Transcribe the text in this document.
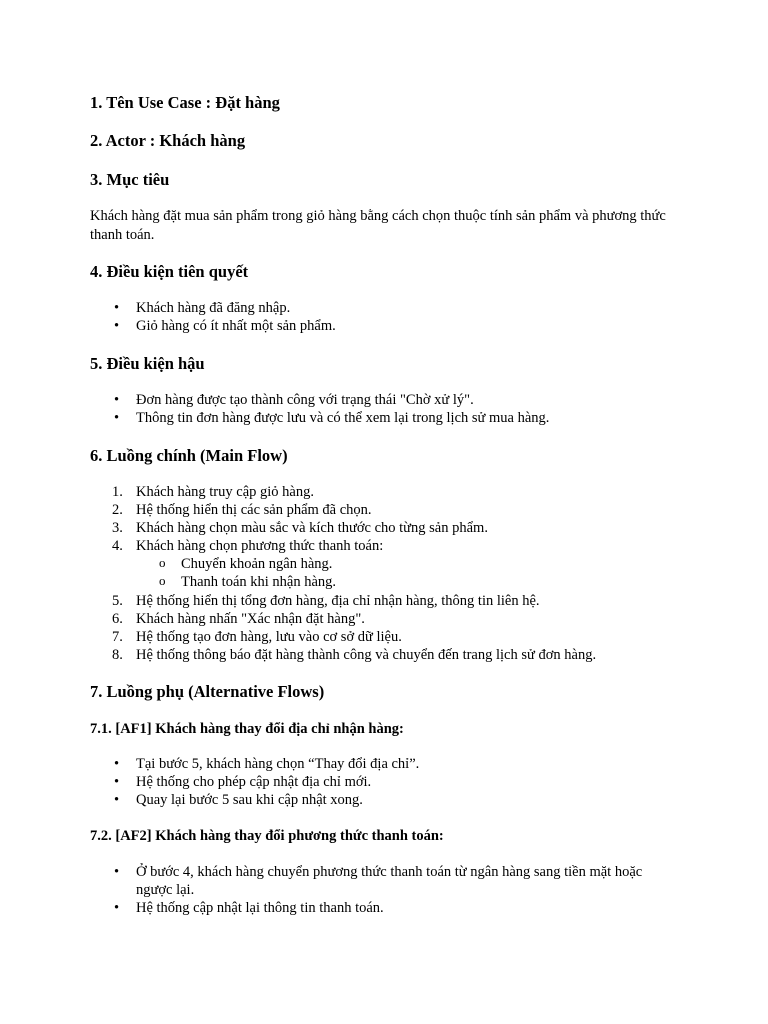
1. Tên Use Case : Đặt hàng
2. Actor : Khách hàng
3. Mục tiêu

Khách hàng đặt mua sản phẩm trong giỏ hàng bằng cách chọn thuộc tính sản phẩm và phương thức thanh toán.

4. Điều kiện tiên quyết
• Khách hàng đã đăng nhập.
• Giỏ hàng có ít nhất một sản phẩm.
5. Điều kiện hậu
• Đơn hàng được tạo thành công với trạng thái "Chờ xử lý".
• Thông tin đơn hàng được lưu và có thể xem lại trong lịch sử mua hàng.
6. Luồng chính (Main Flow)
1. Khách hàng truy cập giỏ hàng.
2. Hệ thống hiển thị các sản phẩm đã chọn.
3. Khách hàng chọn màu sắc và kích thước cho từng sản phẩm.
4. Khách hàng chọn phương thức thanh toán:
o Chuyển khoản ngân hàng.
o Thanh toán khi nhận hàng.
5. Hệ thống hiển thị tổng đơn hàng, địa chỉ nhận hàng, thông tin liên hệ.
6. Khách hàng nhấn "Xác nhận đặt hàng".
7. Hệ thống tạo đơn hàng, lưu vào cơ sở dữ liệu.
8. Hệ thống thông báo đặt hàng thành công và chuyển đến trang lịch sử đơn hàng.
7. Luồng phụ (Alternative Flows)
7.1. [AF1] Khách hàng thay đổi địa chỉ nhận hàng:
• Tại bước 5, khách hàng chọn “Thay đổi địa chỉ”.
• Hệ thống cho phép cập nhật địa chỉ mới.
• Quay lại bước 5 sau khi cập nhật xong.
7.2. [AF2] Khách hàng thay đổi phương thức thanh toán:
• Ở bước 4, khách hàng chuyển phương thức thanh toán từ ngân hàng sang tiền mặt hoặc ngược lại.
• Hệ thống cập nhật lại thông tin thanh toán.
